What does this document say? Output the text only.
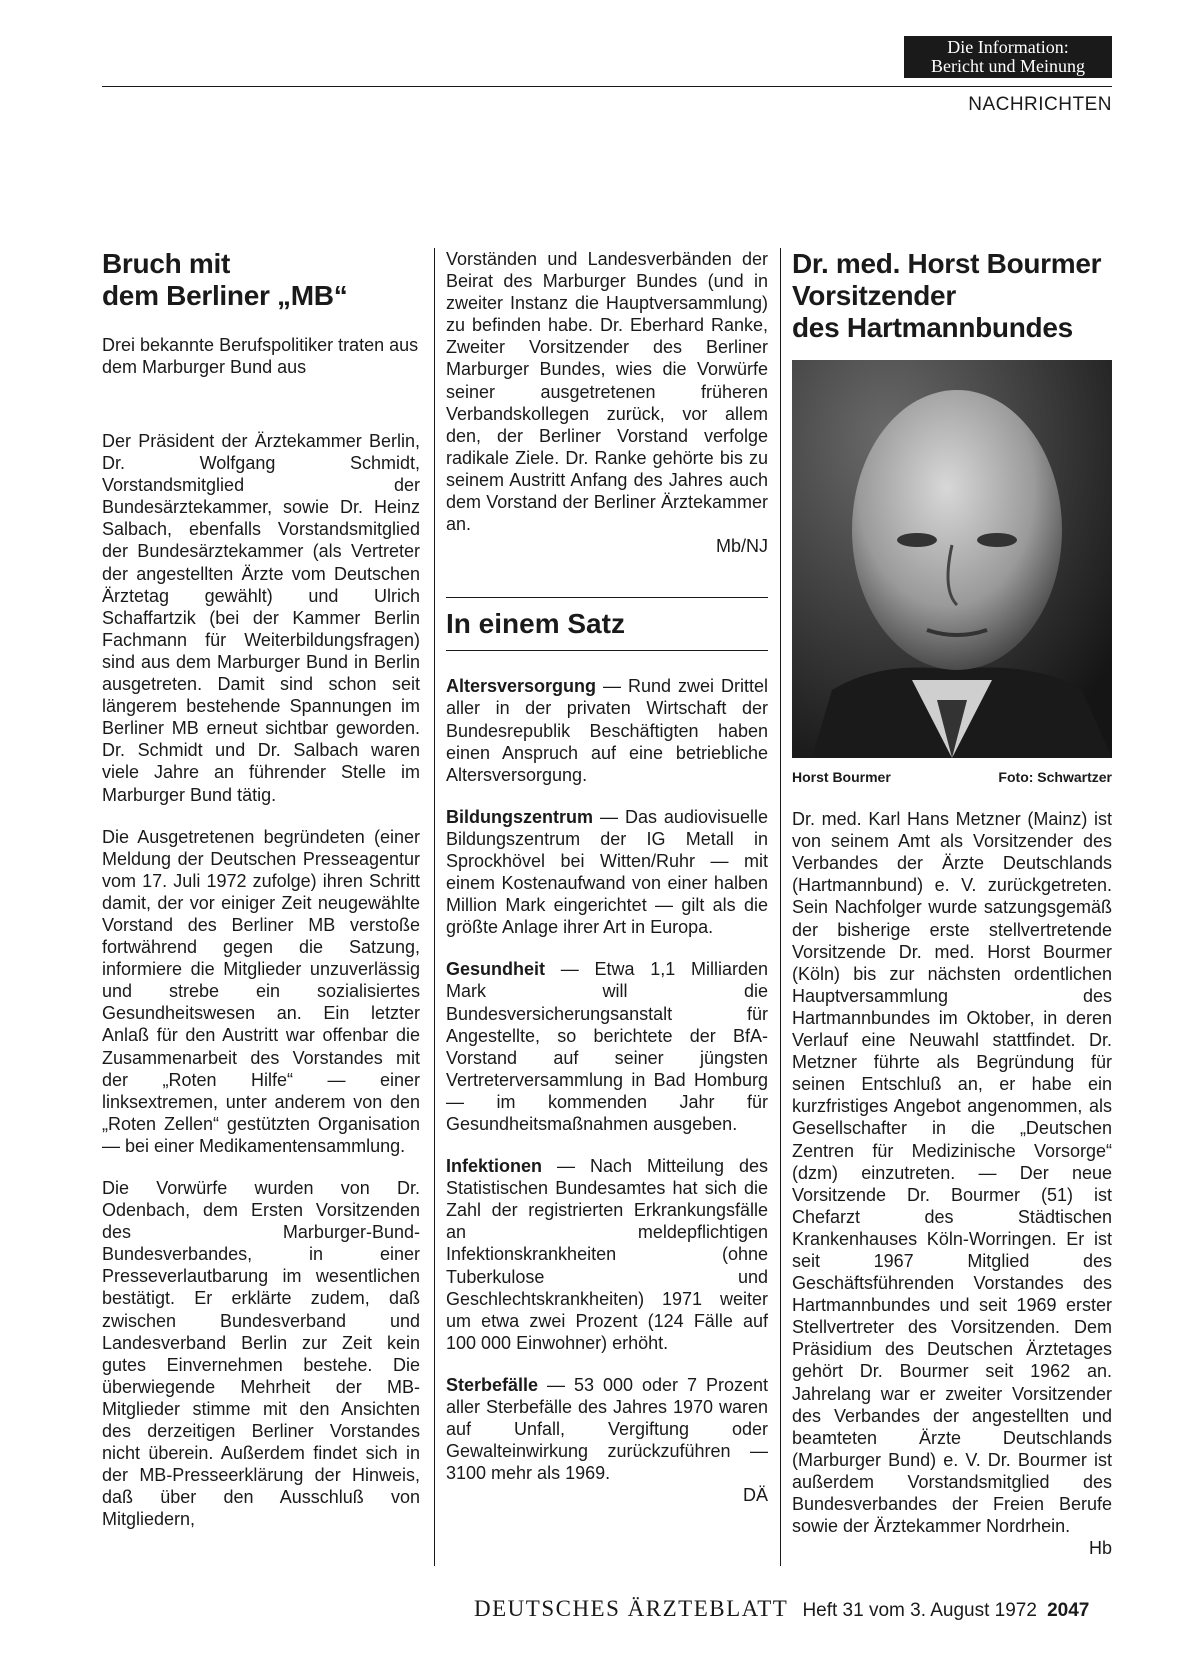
Die Information:
Bericht und Meinung
NACHRICHTEN
Bruch mit
dem Berliner „MB“

Drei bekannte Berufspolitiker traten aus dem Marburger Bund aus

Der Präsident der Ärztekammer Berlin, Dr. Wolfgang Schmidt, Vorstandsmitglied der Bundesärztekammer, sowie Dr. Heinz Salbach, ebenfalls Vorstandsmitglied der Bundesärztekammer (als Vertreter der angestellten Ärzte vom Deutschen Ärztetag gewählt) und Ulrich Schaffartzik (bei der Kammer Berlin Fachmann für Weiterbildungsfragen) sind aus dem Marburger Bund in Berlin ausgetreten. Damit sind schon seit längerem bestehende Spannungen im Berliner MB erneut sichtbar geworden. Dr. Schmidt und Dr. Salbach waren viele Jahre an führender Stelle im Marburger Bund tätig.

Die Ausgetretenen begründeten (einer Meldung der Deutschen Presseagentur vom 17. Juli 1972 zufolge) ihren Schritt damit, der vor einiger Zeit neugewählte Vorstand des Berliner MB verstoße fortwährend gegen die Satzung, informiere die Mitglieder unzuverlässig und strebe ein sozialisiertes Gesundheitswesen an. Ein letzter Anlaß für den Austritt war offenbar die Zusammenarbeit des Vorstandes mit der „Roten Hilfe“ — einer linksextremen, unter anderem von den „Roten Zellen“ gestützten Organisation — bei einer Medikamentensammlung.

Die Vorwürfe wurden von Dr. Odenbach, dem Ersten Vorsitzenden des Marburger-Bund-Bundesverbandes, in einer Presseverlautbarung im wesentlichen bestätigt. Er erklärte zudem, daß zwischen Bundesverband und Landesverband Berlin zur Zeit kein gutes Einvernehmen bestehe. Die überwiegende Mehrheit der MB-Mitglieder stimme mit den Ansichten des derzeitigen Berliner Vorstandes nicht überein. Außerdem findet sich in der MB-Presseerklärung der Hinweis, daß über den Ausschluß von Mitgliedern,

Vorständen und Landesverbänden der Beirat des Marburger Bundes (und in zweiter Instanz die Hauptversammlung) zu befinden habe. Dr. Eberhard Ranke, Zweiter Vorsitzender des Berliner Marburger Bundes, wies die Vorwürfe seiner ausgetretenen früheren Verbandskollegen zurück, vor allem den, der Berliner Vorstand verfolge radikale Ziele. Dr. Ranke gehörte bis zu seinem Austritt Anfang des Jahres auch dem Vorstand der Berliner Ärztekammer an.

Mb/NJ
In einem Satz

Altersversorgung — Rund zwei Drittel aller in der privaten Wirtschaft der Bundesrepublik Beschäftigten haben einen Anspruch auf eine betriebliche Altersversorgung.

Bildungszentrum — Das audiovisuelle Bildungszentrum der IG Metall in Sprockhövel bei Witten/Ruhr — mit einem Kostenaufwand von einer halben Million Mark eingerichtet — gilt als die größte Anlage ihrer Art in Europa.

Gesundheit — Etwa 1,1 Milliarden Mark will die Bundesversicherungsanstalt für Angestellte, so berichtete der BfA-Vorstand auf seiner jüngsten Vertreterversammlung in Bad Homburg — im kommenden Jahr für Gesundheitsmaßnahmen ausgeben.

Infektionen — Nach Mitteilung des Statistischen Bundesamtes hat sich die Zahl der registrierten Erkrankungsfälle an meldepflichtigen Infektionskrankheiten (ohne Tuberkulose und Geschlechtskrankheiten) 1971 weiter um etwa zwei Prozent (124 Fälle auf 100 000 Einwohner) erhöht.

Sterbefälle — 53 000 oder 7 Prozent aller Sterbefälle des Jahres 1970 waren auf Unfall, Vergiftung oder Gewalteinwirkung zurückzuführen — 3100 mehr als 1969.

DÄ
Dr. med. Horst Bourmer
Vorsitzender
des Hartmannbundes
Horst Bourmer	Foto: Schwartzer

Dr. med. Karl Hans Metzner (Mainz) ist von seinem Amt als Vorsitzender des Verbandes der Ärzte Deutschlands (Hartmannbund) e. V. zurückgetreten. Sein Nachfolger wurde satzungsgemäß der bisherige erste stellvertretende Vorsitzende Dr. med. Horst Bourmer (Köln) bis zur nächsten ordentlichen Hauptversammlung des Hartmannbundes im Oktober, in deren Verlauf eine Neuwahl stattfindet. Dr. Metzner führte als Begründung für seinen Entschluß an, er habe ein kurzfristiges Angebot angenommen, als Gesellschafter in die „Deutschen Zentren für Medizinische Vorsorge“ (dzm) einzutreten. — Der neue Vorsitzende Dr. Bourmer (51) ist Chefarzt des Städtischen Krankenhauses Köln-Worringen. Er ist seit 1967 Mitglied des Geschäftsführenden Vorstandes des Hartmannbundes und seit 1969 erster Stellvertreter des Vorsitzenden. Dem Präsidium des Deutschen Ärztetages gehört Dr. Bourmer seit 1962 an. Jahrelang war er zweiter Vorsitzender des Verbandes der angestellten und beamteten Ärzte Deutschlands (Marburger Bund) e. V. Dr. Bourmer ist außerdem Vorstandsmitglied des Bundesverbandes der Freien Berufe sowie der Ärztekammer Nordrhein.

Hb
DEUTSCHES ÄRZTEBLATT Heft 31 vom 3. August 1972 2047
